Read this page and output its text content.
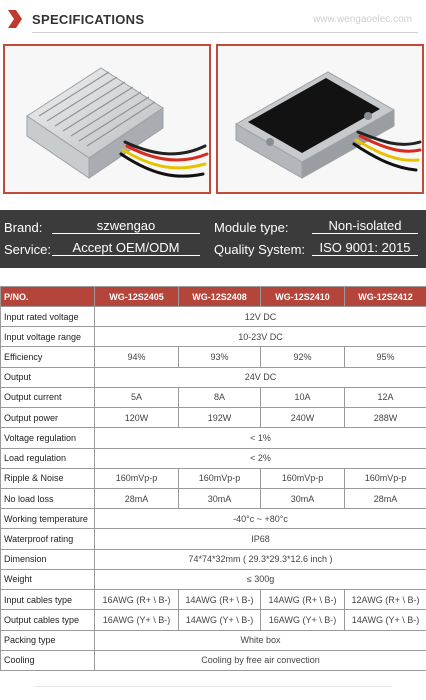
SPECIFICATIONS	www.wengaoelec.com
Brand:	szwengao	Module type:	Non-isolated
Service:	Accept OEM/ODM	Quality System:	ISO 9001: 2015
P/NO.	WG-12S2405	WG-12S2408	WG-12S2410	WG-12S2412
Input rated voltage	12V DC			
Input voltage range	10-23V DC			
Efficiency	94%	93%	92%	95%
Output	24V DC			
Output current	5A	8A	10A	12A
Output power	120W	192W	240W	288W
Voltage regulation	< 1%			
Load regulation	< 2%			
Ripple & Noise	160mVp-p	160mVp-p	160mVp-p	160mVp-p
No load loss	28mA	30mA	30mA	28mA
Working temperature	-40°c ~ +80°c			
Waterproof rating	IP68			
Dimension	74*74*32mm ( 29.3*29.3*12.6 inch )			
Weight	≤ 300g			
Input cables type	16AWG (R+ \ B-)	14AWG (R+ \ B-)	14AWG (R+ \ B-)	12AWG (R+ \ B-)
Output cables type	16AWG (Y+ \ B-)	14AWG (Y+ \ B-)	16AWG (Y+ \ B-)	14AWG (Y+ \ B-)
Packing type	White box			
Cooling	Cooling by free air convection			
